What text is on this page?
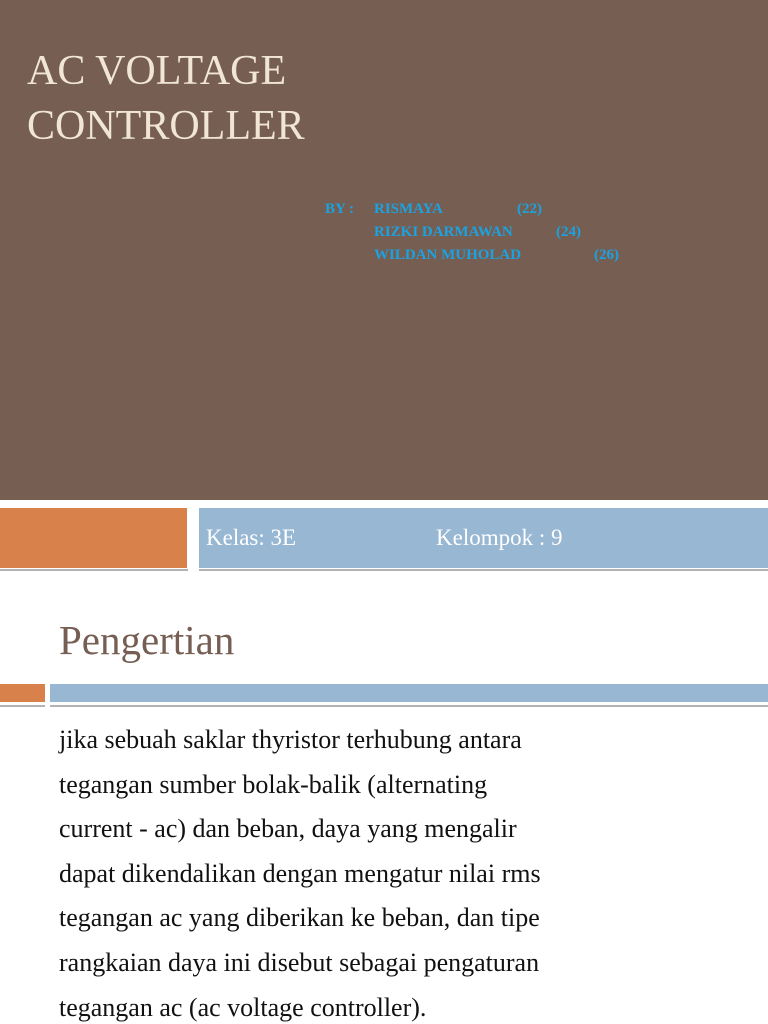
AC VOLTAGE
CONTROLLER
BY : RISMAYA	(22)
RIZKI DARMAWAN	(24)
WILDAN MUHOLAD	(26)
Kelas: 3E	Kelompok : 9
Pengertian
jika sebuah saklar thyristor terhubung antara
tegangan sumber bolak-balik (alternating
current - ac) dan beban, daya yang mengalir
dapat dikendalikan dengan mengatur nilai rms
tegangan ac yang diberikan ke beban, dan tipe
rangkaian daya ini disebut sebagai pengaturan
tegangan ac (ac voltage controller).
